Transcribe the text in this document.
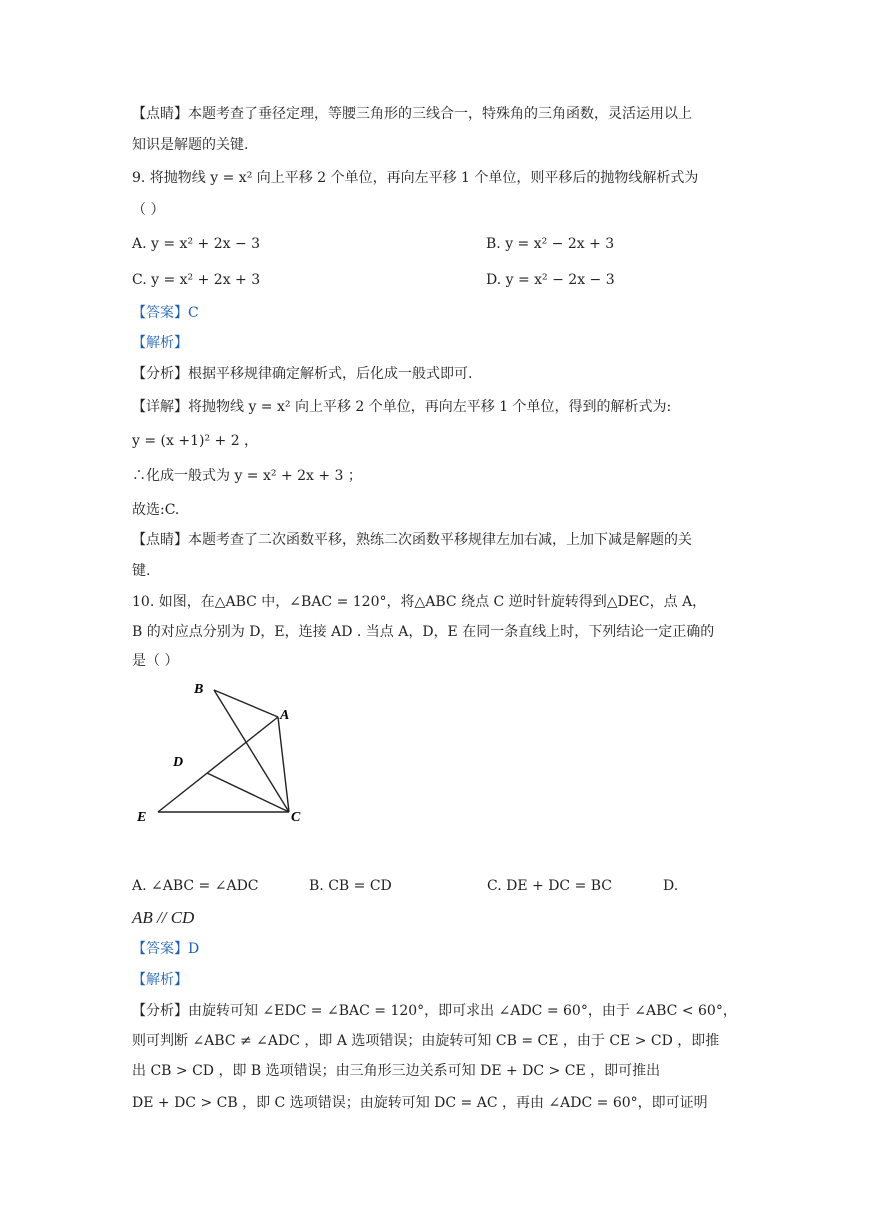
【点睛】本题考查了垂径定理，等腰三角形的三线合一，特殊角的三角函数，灵活运用以上
知识是解题的关键.
9. 将抛物线 y = x² 向上平移 2 个单位，再向左平移 1 个单位，则平移后的抛物线解析式为
（ ）
A. y = x² + 2x − 3	B. y = x² − 2x + 3
C. y = x² + 2x + 3	D. y = x² − 2x − 3
【答案】C
【解析】
【分析】根据平移规律确定解析式，后化成一般式即可.
【详解】将抛物线 y = x² 向上平移 2 个单位，再向左平移 1 个单位，得到的解析式为:
y = (x +1)² + 2 ，
∴化成一般式为 y = x² + 2x + 3 ；
故选:C.
【点睛】本题考查了二次函数平移，熟练二次函数平移规律左加右减，上加下减是解题的关
键.
10. 如图，在△ABC 中，∠BAC = 120°，将△ABC 绕点 C 逆时针旋转得到△DEC，点 A，
B 的对应点分别为 D，E，连接 AD . 当点 A，D，E 在同一条直线上时，下列结论一定正确的
是（ ）
B
A
D
E	C
A. ∠ABC = ∠ADC	B. CB = CD	C. DE + DC = BC	D.
AB // CD
【答案】D
【解析】
【分析】由旋转可知 ∠EDC = ∠BAC = 120°，即可求出 ∠ADC = 60°，由于 ∠ABC < 60°，
则可判断 ∠ABC ≠ ∠ADC ，即 A 选项错误；由旋转可知 CB = CE ，由于 CE > CD ，即推
出 CB > CD ，即 B 选项错误；由三角形三边关系可知 DE + DC > CE ，即可推出
DE + DC > CB ，即 C 选项错误；由旋转可知 DC = AC ，再由 ∠ADC = 60°，即可证明
